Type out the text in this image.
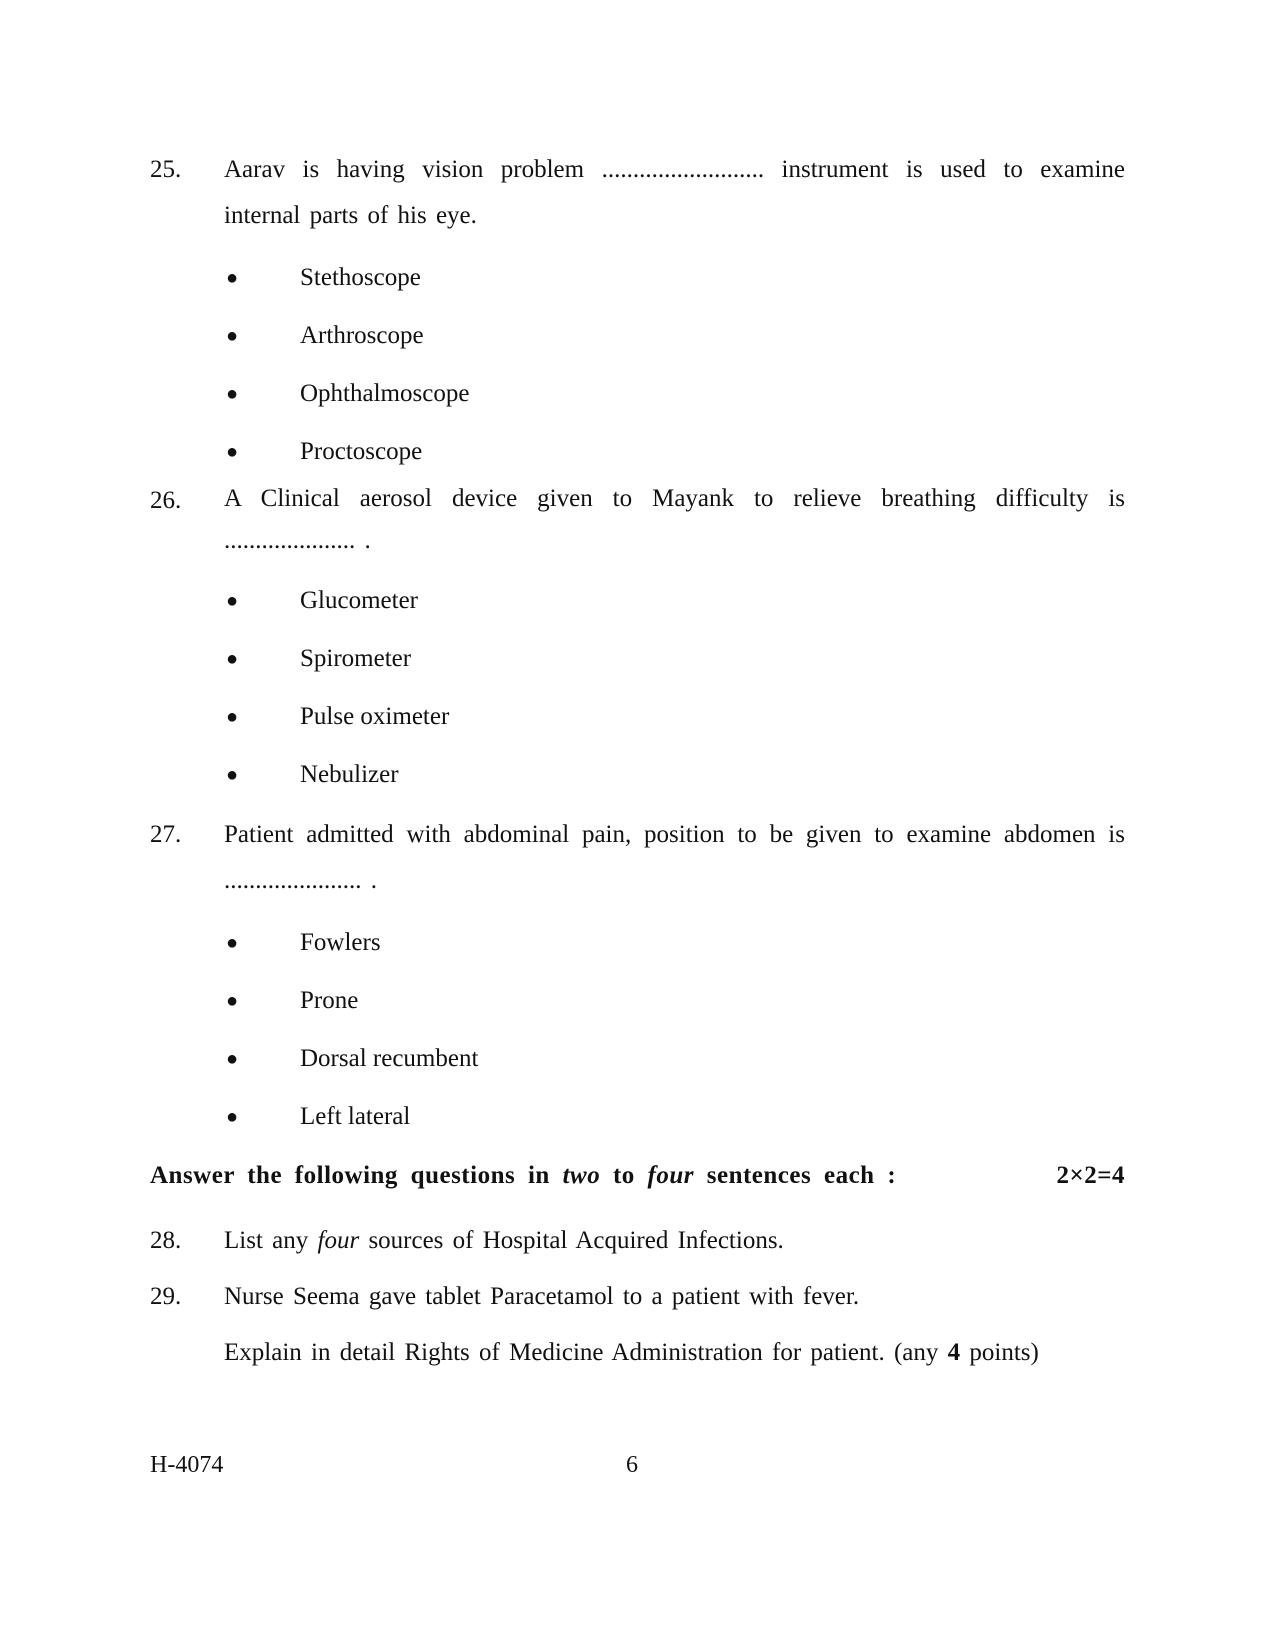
25.	Aarav is having vision problem .......................... instrument is used to examine internal parts of his eye.
● Stethoscope
● Arthroscope
● Ophthalmoscope
● Proctoscope
26.	A Clinical aerosol device given to Mayank to relieve breathing difficulty is ..................... .
● Glucometer
● Spirometer
● Pulse oximeter
● Nebulizer
27.	Patient admitted with abdominal pain, position to be given to examine abdomen is ...................... .
● Fowlers
● Prone
● Dorsal recumbent
● Left lateral
Answer the following questions in two to four sentences each :	2×2=4
28.	List any four sources of Hospital Acquired Infections.
29.	Nurse Seema gave tablet Paracetamol to a patient with fever.
Explain in detail Rights of Medicine Administration for patient. (any 4 points)
H-4074	6
